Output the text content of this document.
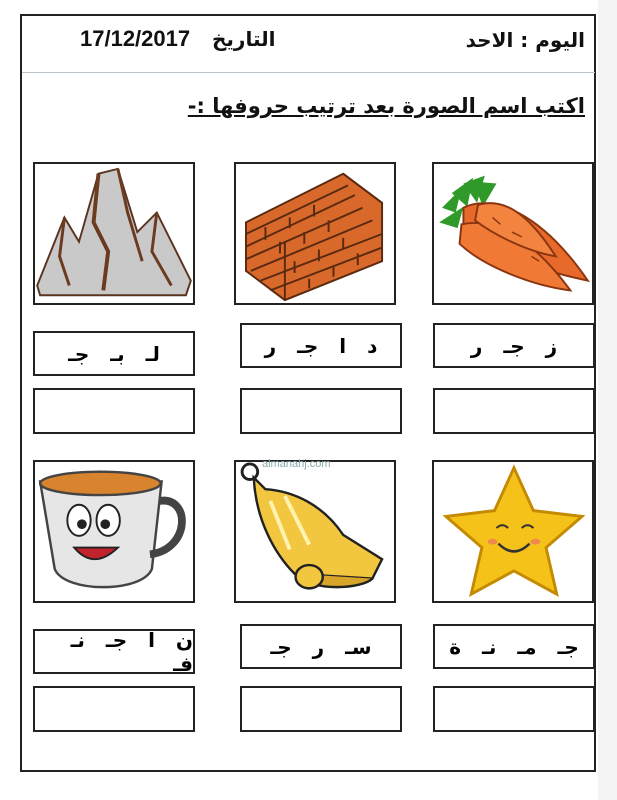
اليوم : الاحد
التاريخ
17/12/2017
اكتب اسم الصورة بعد ترتيب حروفها :-
ز جـ ر
د ا جـ ر
لـ بـ جـ
almanahj.com
جـ مـ نـ ة
سـ ر جـ
ن ا جـ نـ فـ
